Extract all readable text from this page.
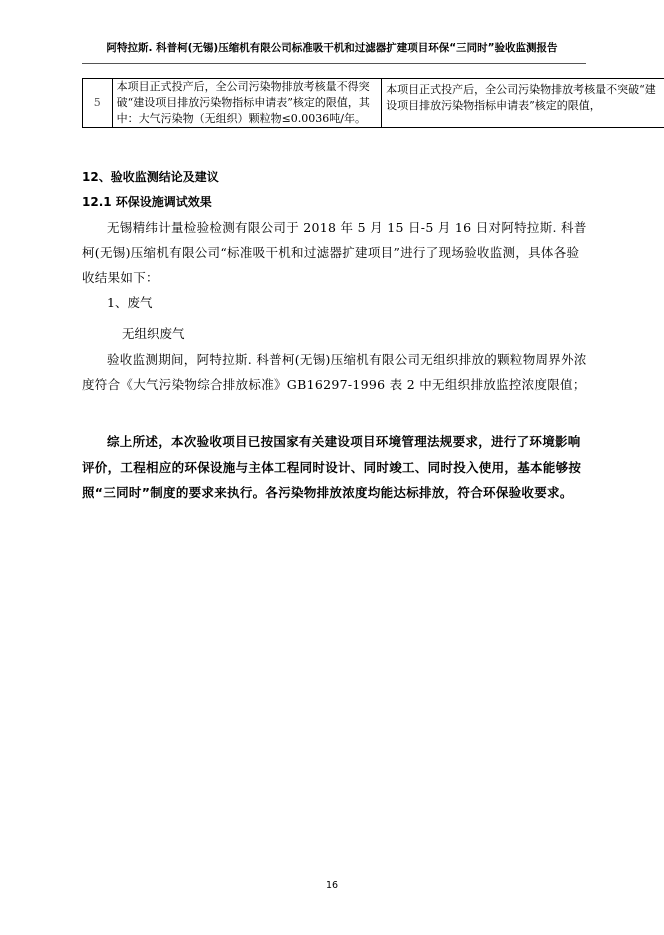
阿特拉斯. 科普柯(无锡)压缩机有限公司标准吸干机和过滤器扩建项目环保“三同时”验收监测报告
5	本项目正式投产后，全公司污染物排放考核量不得突破“建设项目排放污染物指标申请表”核定的限值，其中：大气污染物（无组织）颗粒物≤0.0036吨/年。	本项目正式投产后，全公司污染物排放考核量不突破“建设项目排放污染物指标申请表”核定的限值，
12、验收监测结论及建议
12.1 环保设施调试效果
无锡精纬计量检验检测有限公司于 2018 年 5 月 15 日-5 月 16 日对阿特拉斯. 科普柯(无锡)压缩机有限公司“标准吸干机和过滤器扩建项目”进行了现场验收监测，具体各验收结果如下：
1、废气
无组织废气
验收监测期间，阿特拉斯. 科普柯(无锡)压缩机有限公司无组织排放的颗粒物周界外浓度符合《大气污染物综合排放标准》GB16297-1996 表 2 中无组织排放监控浓度限值；
综上所述，本次验收项目已按国家有关建设项目环境管理法规要求，进行了环境影响评价，工程相应的环保设施与主体工程同时设计、同时竣工、同时投入使用，基本能够按照“三同时”制度的要求来执行。各污染物排放浓度均能达标排放，符合环保验收要求。
16
